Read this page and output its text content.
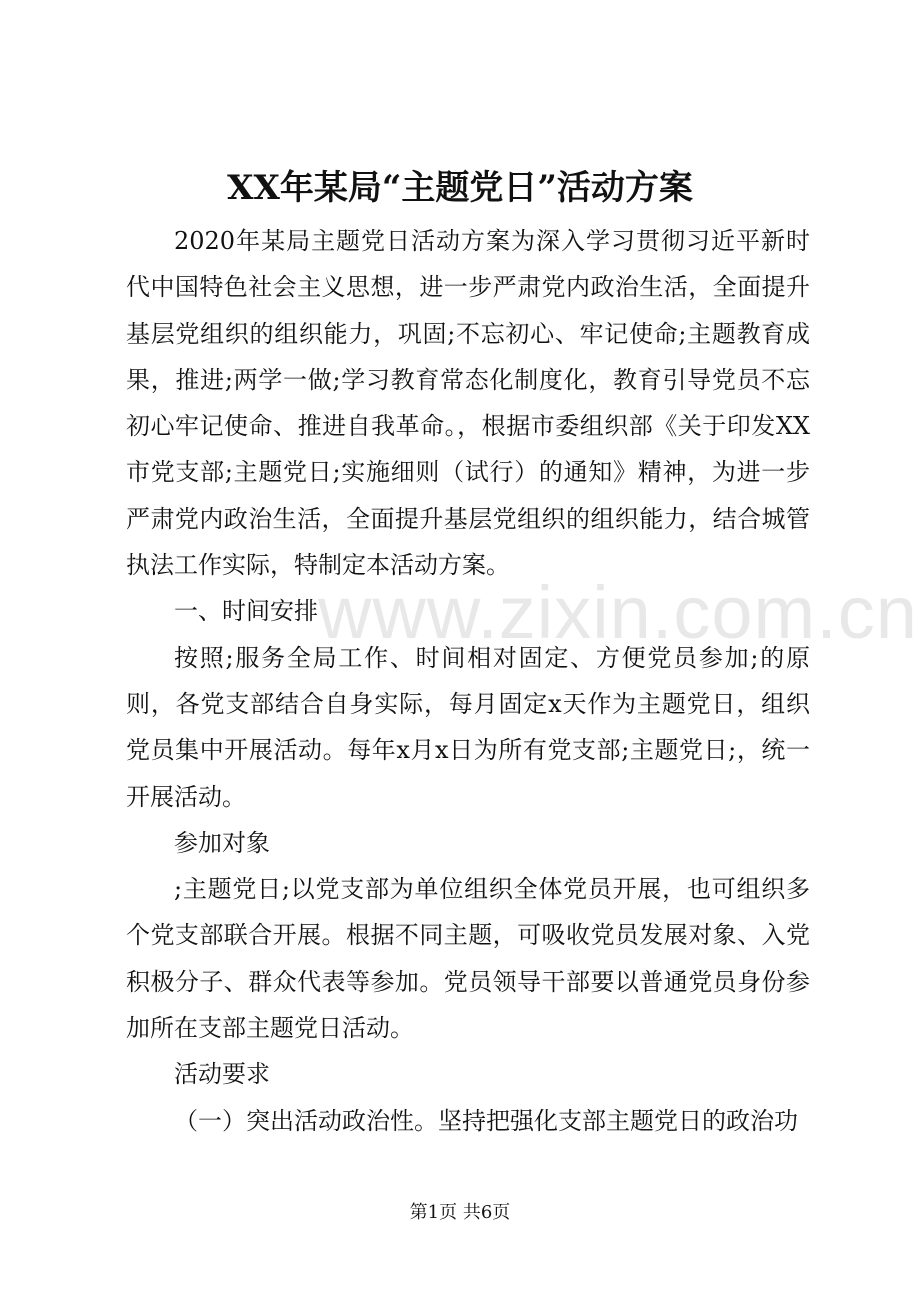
www.zixin.com.cn
XX年某局“主题党日”活动方案

2020年某局主题党日活动方案为深入学习贯彻习近平新时代中国特色社会主义思想，进一步严肃党内政治生活，全面提升基层党组织的组织能力，巩固;不忘初心、牢记使命;主题教育成果，推进;两学一做;学习教育常态化制度化，教育引导党员不忘初心牢记使命、推进自我革命。，根据市委组织部《关于印发XX市党支部;主题党日;实施细则（试行）的通知》精神，为进一步严肃党内政治生活，全面提升基层党组织的组织能力，结合城管执法工作实际，特制定本活动方案。

一、时间安排

按照;服务全局工作、时间相对固定、方便党员参加;的原则，各党支部结合自身实际，每月固定x天作为主题党日，组织党员集中开展活动。每年x月x日为所有党支部;主题党日;，统一开展活动。

参加对象

;主题党日;以党支部为单位组织全体党员开展，也可组织多个党支部联合开展。根据不同主题，可吸收党员发展对象、入党积极分子、群众代表等参加。党员领导干部要以普通党员身份参加所在支部主题党日活动。

活动要求

（一）突出活动政治性。坚持把强化支部主题党日的政治功

第1页 共6页
